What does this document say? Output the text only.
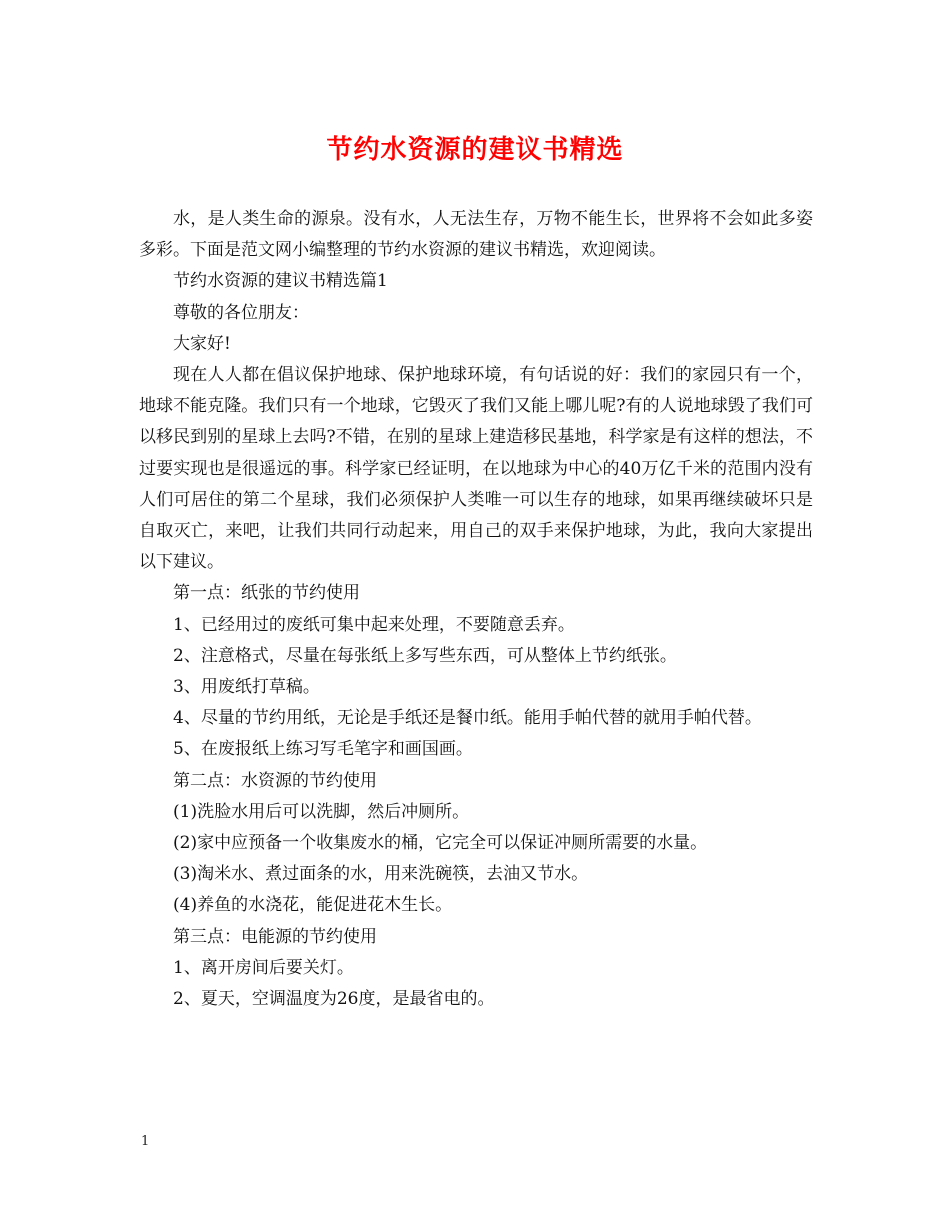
节约水资源的建议书精选

水，是人类生命的源泉。没有水，人无法生存，万物不能生长，世界将不会如此多姿多彩。下面是范文网小编整理的节约水资源的建议书精选，欢迎阅读。

节约水资源的建议书精选篇1

尊敬的各位朋友：

大家好!

现在人人都在倡议保护地球、保护地球环境，有句话说的好：我们的家园只有一个，地球不能克隆。我们只有一个地球，它毁灭了我们又能上哪儿呢?有的人说地球毁了我们可以移民到别的星球上去吗?不错，在别的星球上建造移民基地，科学家是有这样的想法，不过要实现也是很遥远的事。科学家已经证明，在以地球为中心的40万亿千米的范围内没有人们可居住的第二个星球，我们必须保护人类唯一可以生存的地球，如果再继续破坏只是自取灭亡，来吧，让我们共同行动起来，用自己的双手来保护地球，为此，我向大家提出以下建议。

第一点：纸张的节约使用

1、已经用过的废纸可集中起来处理，不要随意丢弃。

2、注意格式，尽量在每张纸上多写些东西，可从整体上节约纸张。

3、用废纸打草稿。

4、尽量的节约用纸，无论是手纸还是餐巾纸。能用手帕代替的就用手帕代替。

5、在废报纸上练习写毛笔字和画国画。

第二点：水资源的节约使用

(1)洗脸水用后可以洗脚，然后冲厕所。

(2)家中应预备一个收集废水的桶，它完全可以保证冲厕所需要的水量。

(3)淘米水、煮过面条的水，用来洗碗筷，去油又节水。

(4)养鱼的水浇花，能促进花木生长。

第三点：电能源的节约使用

1、离开房间后要关灯。

2、夏天，空调温度为26度，是最省电的。

1
